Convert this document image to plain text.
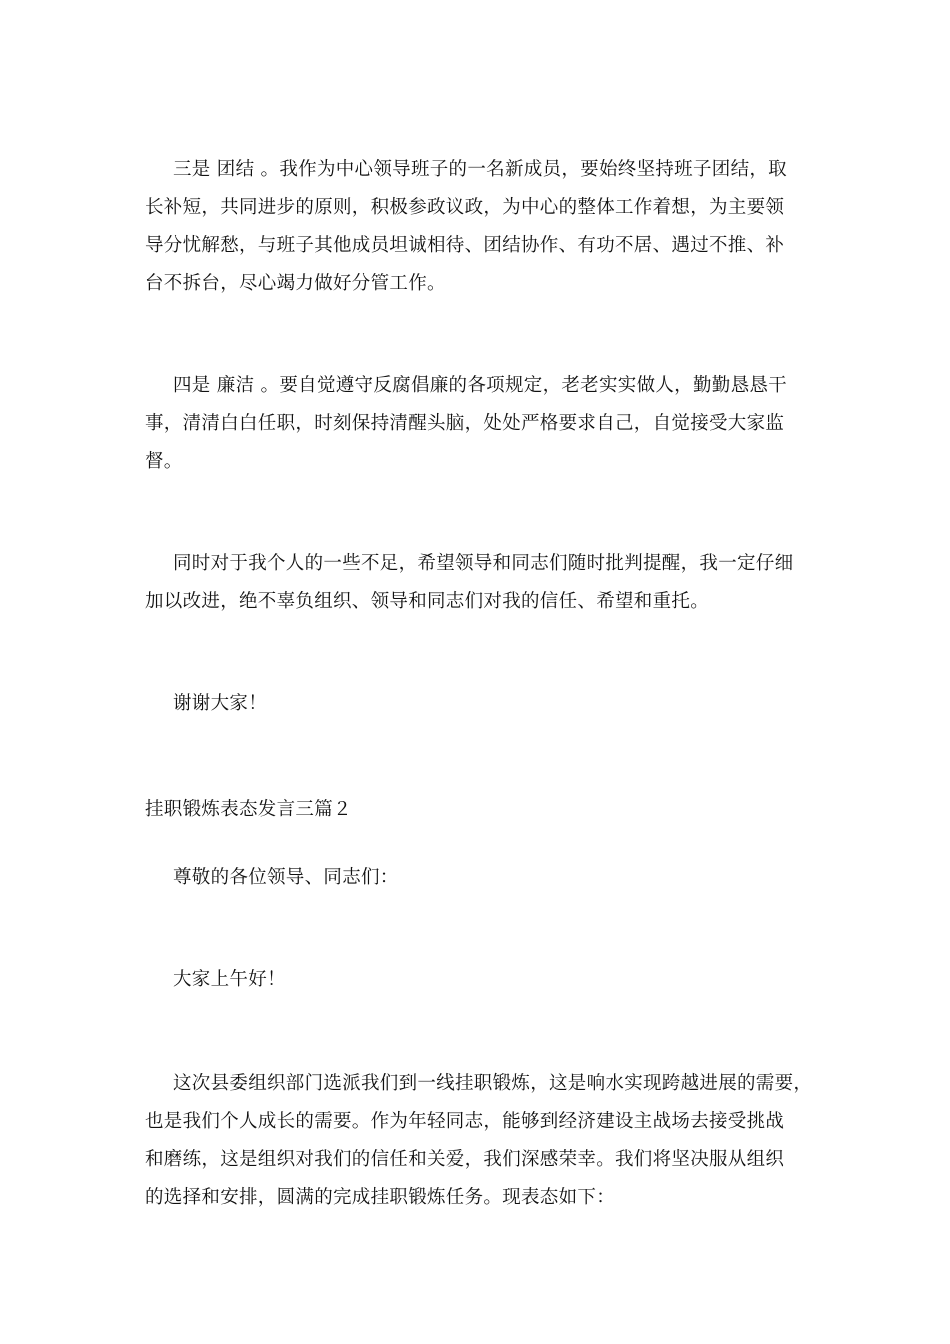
三是 团结 。我作为中心领导班子的一名新成员，要始终坚持班子团结，取
长补短，共同进步的原则，积极参政议政，为中心的整体工作着想，为主要领
导分忧解愁，与班子其他成员坦诚相待、团结协作、有功不居、遇过不推、补
台不拆台，尽心竭力做好分管工作。
四是 廉洁 。要自觉遵守反腐倡廉的各项规定，老老实实做人，勤勤恳恳干
事，清清白白任职，时刻保持清醒头脑，处处严格要求自己，自觉接受大家监
督。
同时对于我个人的一些不足，希望领导和同志们随时批判提醒，我一定仔细
加以改进，绝不辜负组织、领导和同志们对我的信任、希望和重托。
谢谢大家！
挂职锻炼表态发言三篇２
尊敬的各位领导、同志们：
大家上午好！
这次县委组织部门选派我们到一线挂职锻炼，这是响水实现跨越进展的需要，
也是我们个人成长的需要。作为年轻同志，能够到经济建设主战场去接受挑战
和磨练，这是组织对我们的信任和关爱，我们深感荣幸。我们将坚决服从组织
的选择和安排，圆满的完成挂职锻炼任务。现表态如下：
